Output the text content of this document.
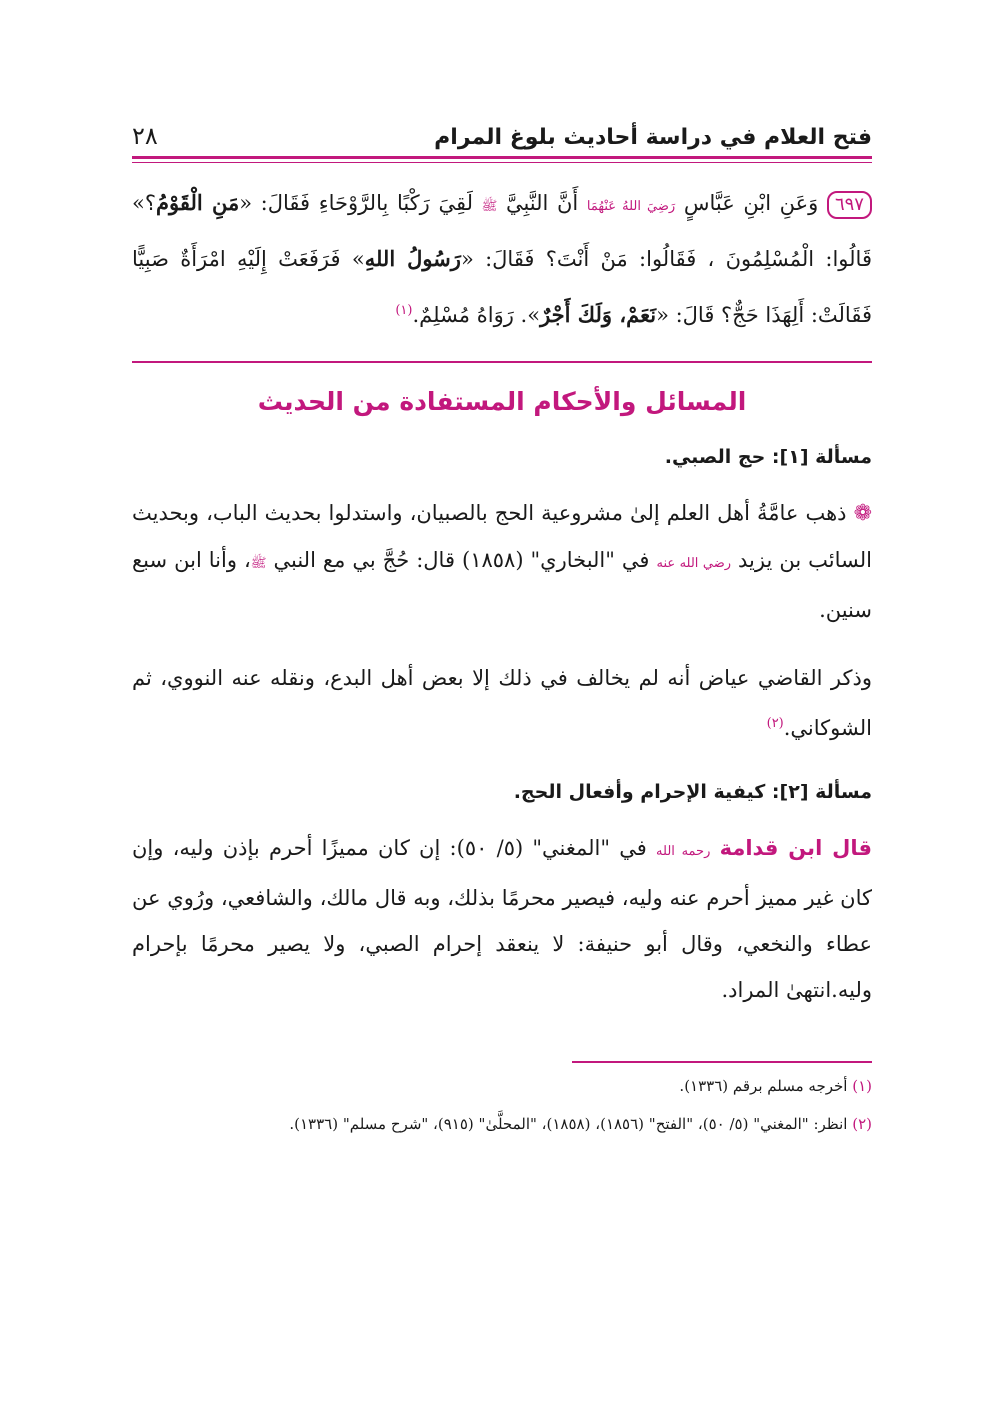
فتح العلام في دراسة أحاديث بلوغ المرام
٢٨
٦٩٧ وَعَنِ ابْنِ عَبَّاسٍ رَضِيَ اللهُ عَنْهُمَا أَنَّ النَّبِيَّ ﷺ لَقِيَ رَكْبًا بِالرَّوْحَاءِ فَقَالَ: «مَنِ الْقَوْمُ؟» قَالُوا: الْمُسْلِمُونَ ، فَقَالُوا: مَنْ أَنْتَ؟ فَقَالَ: «رَسُولُ اللهِ» فَرَفَعَتْ إِلَيْهِ امْرَأَةٌ صَبِيًّا فَقَالَتْ: أَلِهَذَا حَجٌّ؟ قَالَ: «نَعَمْ، وَلَكَ أَجْرٌ». رَوَاهُ مُسْلِمٌ.$^{(١)}$
المسائل والأحكام المستفادة من الحديث
مسألة [١]: حج الصبي.
❁ ذهب عامَّةُ أهل العلم إلىٰ مشروعية الحج بالصبيان، واستدلوا بحديث الباب، وبحديث السائب بن يزيد رضي الله عنه في "البخاري" (١٨٥٨) قال: حُجَّ بي مع النبي ﷺ، وأنا ابن سبع سنين.
وذكر القاضي عياض أنه لم يخالف في ذلك إلا بعض أهل البدع، ونقله عنه النووي، ثم الشوكاني.$^{(٢)}$
مسألة [٢]: كيفية الإحرام وأفعال الحج.
قال ابن قدامة رحمه الله في "المغني" (٥/ ٥٠): إن كان مميزًا أحرم بإذن وليه، وإن كان غير مميز أحرم عنه وليه، فيصير محرمًا بذلك، وبه قال مالك، والشافعي، ورُوي عن عطاء والنخعي، وقال أبو حنيفة: لا ينعقد إحرام الصبي، ولا يصير محرمًا بإحرام وليه.انتهىٰ المراد.
(١) أخرجه مسلم برقم (١٣٣٦).
(٢) انظر: "المغني" (٥/ ٥٠)، "الفتح" (١٨٥٦)، (١٨٥٨)، "المحلَّىٰ" (٩١٥)، "شرح مسلم" (١٣٣٦).
